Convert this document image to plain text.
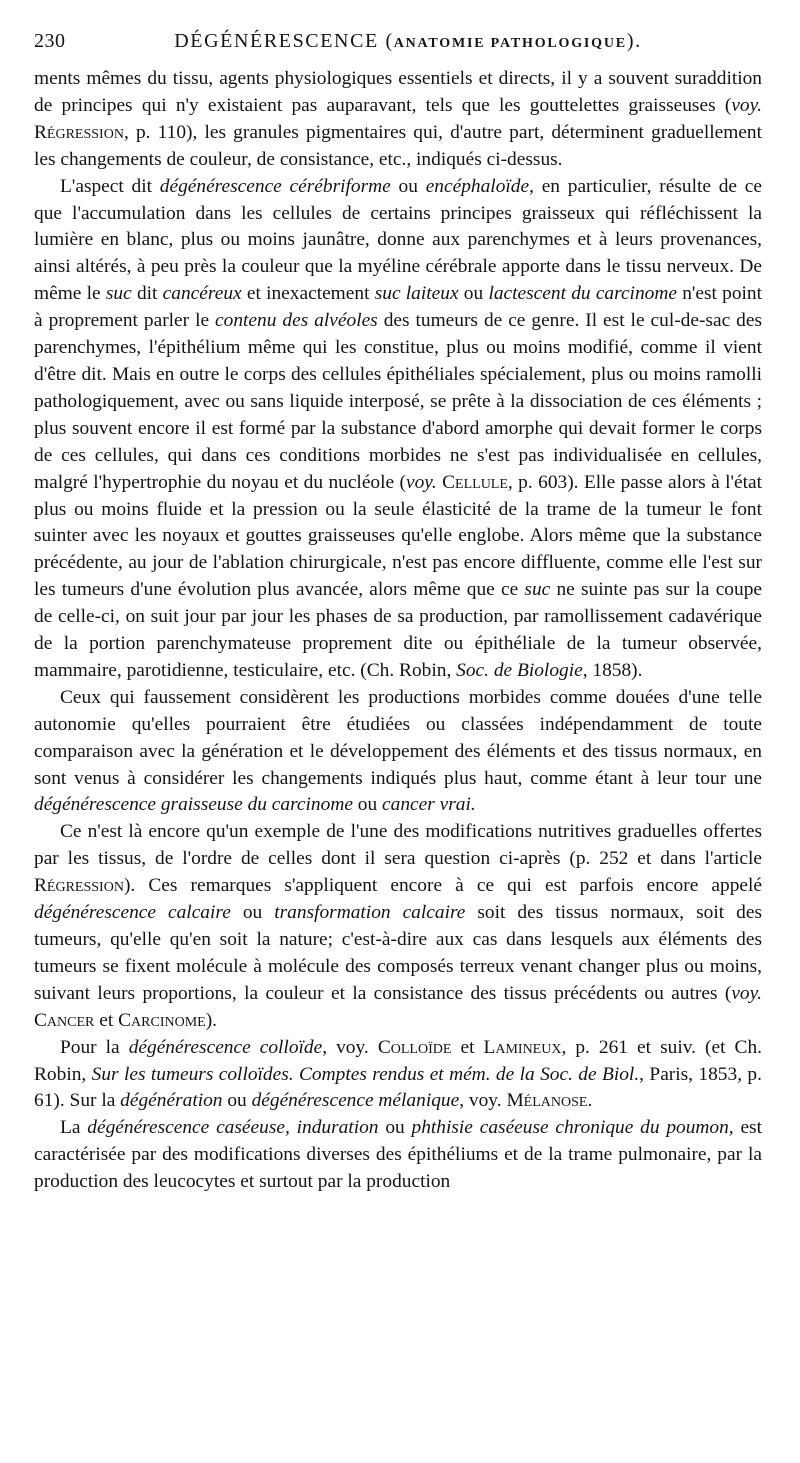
230	DÉGÉNÉRESCENCE (ANATOMIE PATHOLOGIQUE).

ments mêmes du tissu, agents physiologiques essentiels et directs, il y a souvent suraddition de principes qui n'y existaient pas auparavant, tels que les gouttelettes graisseuses (voy. Régression, p. 110), les granules pigmentaires qui, d'autre part, déterminent graduellement les changements de couleur, de consistance, etc., indiqués ci-dessus.

L'aspect dit dégénérescence cérébriforme ou encéphaloïde, en particulier, résulte de ce que l'accumulation dans les cellules de certains principes graisseux qui réfléchissent la lumière en blanc, plus ou moins jaunâtre, donne aux parenchymes et à leurs provenances, ainsi altérés, à peu près la couleur que la myéline cérébrale apporte dans le tissu nerveux. De même le suc dit cancéreux et inexactement suc laiteux ou lactescent du carcinome n'est point à proprement parler le contenu des alvéoles des tumeurs de ce genre. Il est le cul-de-sac des parenchymes, l'épithélium même qui les constitue, plus ou moins modifié, comme il vient d'être dit. Mais en outre le corps des cellules épithéliales spécialement, plus ou moins ramolli pathologiquement, avec ou sans liquide interposé, se prête à la dissociation de ces éléments ; plus souvent encore il est formé par la substance d'abord amorphe qui devait former le corps de ces cellules, qui dans ces conditions morbides ne s'est pas individualisée en cellules, malgré l'hypertrophie du noyau et du nucléole (voy. Cellule, p. 603). Elle passe alors à l'état plus ou moins fluide et la pression ou la seule élasticité de la trame de la tumeur le font suinter avec les noyaux et gouttes graisseuses qu'elle englobe. Alors même que la substance précédente, au jour de l'ablation chirurgicale, n'est pas encore diffluente, comme elle l'est sur les tumeurs d'une évolution plus avancée, alors même que ce suc ne suinte pas sur la coupe de celle-ci, on suit jour par jour les phases de sa production, par ramollissement cadavérique de la portion parenchymateuse proprement dite ou épithéliale de la tumeur observée, mammaire, parotidienne, testiculaire, etc. (Ch. Robin, Soc. de Biologie, 1858).

Ceux qui faussement considèrent les productions morbides comme douées d'une telle autonomie qu'elles pourraient être étudiées ou classées indépendamment de toute comparaison avec la génération et le développement des éléments et des tissus normaux, en sont venus à considérer les changements indiqués plus haut, comme étant à leur tour une dégénérescence graisseuse du carcinome ou cancer vrai.

Ce n'est là encore qu'un exemple de l'une des modifications nutritives graduelles offertes par les tissus, de l'ordre de celles dont il sera question ci-après (p. 252 et dans l'article Régression). Ces remarques s'appliquent encore à ce qui est parfois encore appelé dégénérescence calcaire ou transformation calcaire soit des tissus normaux, soit des tumeurs, qu'elle qu'en soit la nature; c'est-à-dire aux cas dans lesquels aux éléments des tumeurs se fixent molécule à molécule des composés terreux venant changer plus ou moins, suivant leurs proportions, la couleur et la consistance des tissus précédents ou autres (voy. Cancer et Carcinome).

Pour la dégénérescence colloïde, voy. Colloïde et Lamineux, p. 261 et suiv. (et Ch. Robin, Sur les tumeurs colloïdes. Comptes rendus et mém. de la Soc. de Biol., Paris, 1853, p. 61). Sur la dégénération ou dégénérescence mélanique, voy. Mélanose.

La dégénérescence caséeuse, induration ou phthisie caséeuse chronique du poumon, est caractérisée par des modifications diverses des épithéliums et de la trame pulmonaire, par la production des leucocytes et surtout par la production
